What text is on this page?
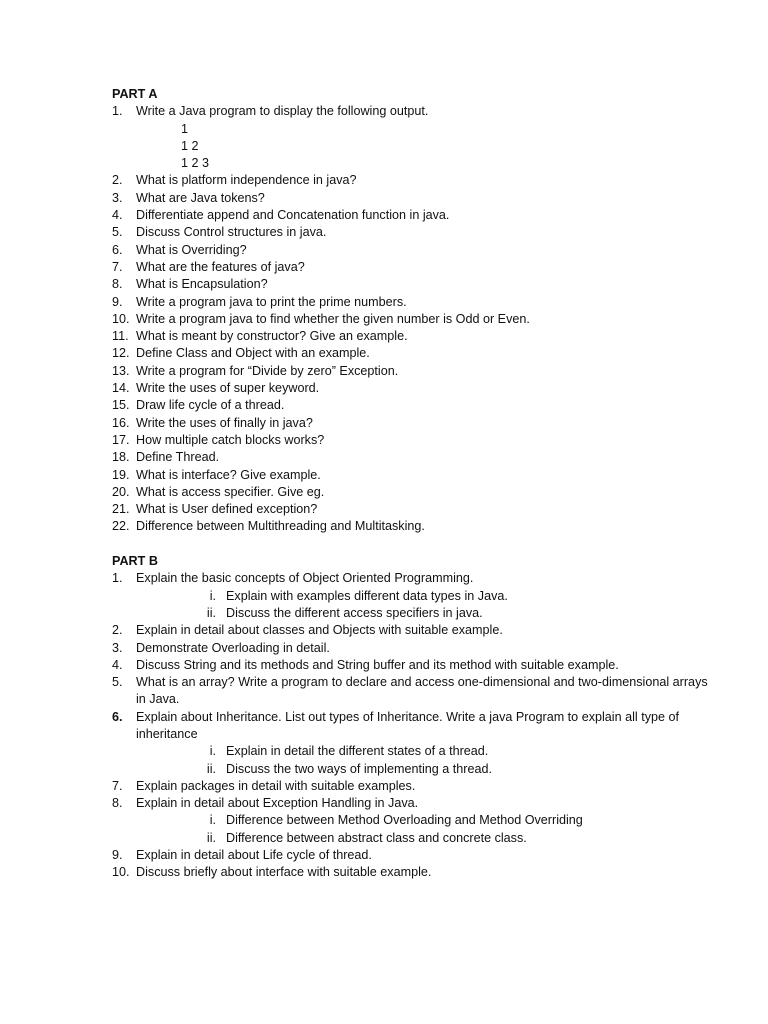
PART A
1.	Write a Java program to display the following output.
1
1 2
1 2 3
2.	What is platform independence in java?
3.	What are Java tokens?
4.	Differentiate append and Concatenation function in java.
5.	Discuss Control structures in java.
6.	What is Overriding?
7.	What are the features of java?
8.	What is Encapsulation?
9.	Write a program java to print the prime numbers.
10. Write a program java to find whether the given number is Odd or Even.
11. What is meant by constructor? Give an example.
12. Define Class and Object with an example.
13. Write a program for “Divide by zero” Exception.
14. Write the uses of super keyword.
15. Draw life cycle of a thread.
16. Write the uses of finally in java?
17. How multiple catch blocks works?
18. Define Thread.
19. What is interface? Give example.
20. What is access specifier. Give eg.
21. What is User defined exception?
22. Difference between Multithreading and Multitasking.
PART B
1.	Explain the basic concepts of Object Oriented Programming.
i. Explain with examples different data types in Java.
ii. Discuss the different access specifiers in java.
2.	Explain in detail about classes and Objects with suitable example.
3.	Demonstrate Overloading in detail.
4.	Discuss String and its methods and String buffer and its method with suitable example.
5.	What is an array? Write a program to declare and access one-dimensional and two-dimensional arrays in Java.
6.	Explain about Inheritance. List out types of Inheritance. Write a java Program to explain all type of inheritance
i. Explain in detail the different states of a thread.
ii. Discuss the two ways of implementing a thread.
7.	Explain packages in detail with suitable examples.
8.	Explain in detail about Exception Handling in Java.
i. Difference between Method Overloading and Method Overriding
ii. Difference between abstract class and concrete class.
9.	Explain in detail about Life cycle of thread.
10. Discuss briefly about interface with suitable example.
